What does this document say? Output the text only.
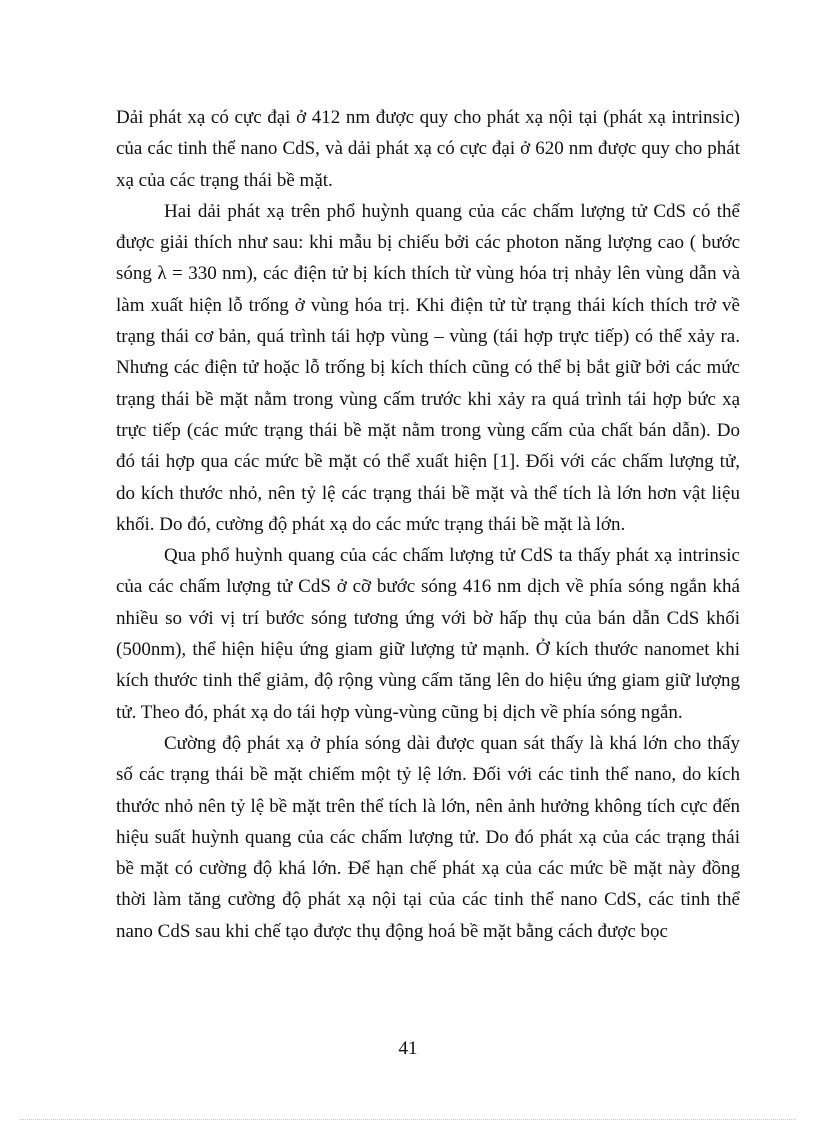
Dải phát xạ có cực đại ở 412 nm được quy cho phát xạ nội tại (phát xạ intrinsic) của các tinh thể nano CdS, và dải phát xạ có cực đại ở 620 nm được quy cho phát xạ của các trạng thái bề mặt.

Hai dải phát xạ trên phổ huỳnh quang của các chấm lượng tử CdS có thể được giải thích như sau: khi mẫu bị chiếu bởi các photon năng lượng cao ( bước sóng λ = 330 nm), các điện tử bị kích thích từ vùng hóa trị nhảy lên vùng dẫn và làm xuất hiện lỗ trống ở vùng hóa trị. Khi điện tử từ trạng thái kích thích trở về trạng thái cơ bản, quá trình tái hợp vùng – vùng (tái hợp trực tiếp) có thể xảy ra. Nhưng các điện tử hoặc lỗ trống bị kích thích cũng có thể bị bắt giữ bởi các mức trạng thái bề mặt nằm trong vùng cấm trước khi xảy ra quá trình tái hợp bức xạ trực tiếp (các mức trạng thái bề mặt nằm trong vùng cấm của chất bán dẫn). Do đó tái hợp qua các mức bề mặt có thể xuất hiện [1]. Đối với các chấm lượng tử, do kích thước nhỏ, nên tỷ lệ các trạng thái bề mặt và thể tích là lớn hơn vật liệu khối. Do đó, cường độ phát xạ do các mức trạng thái bề mặt là lớn.

Qua phổ huỳnh quang của các chấm lượng tử CdS ta thấy phát xạ intrinsic của các chấm lượng tử CdS ở cỡ bước sóng 416 nm dịch về phía sóng ngắn khá nhiều so với vị trí bước sóng tương ứng với bờ hấp thụ của bán dẫn CdS khối (500nm), thể hiện hiệu ứng giam giữ lượng tử mạnh. Ở kích thước nanomet khi kích thước tinh thể giảm, độ rộng vùng cấm tăng lên do hiệu ứng giam giữ lượng tử. Theo đó, phát xạ do tái hợp vùng-vùng cũng bị dịch về phía sóng ngắn.

Cường độ phát xạ ở phía sóng dài được quan sát thấy là khá lớn cho thấy số các trạng thái bề mặt chiếm một tỷ lệ lớn. Đối với các tinh thể nano, do kích thước nhỏ nên tỷ lệ bề mặt trên thể tích là lớn, nên ảnh hưởng không tích cực đến hiệu suất huỳnh quang của các chấm lượng tử. Do đó phát xạ của các trạng thái bề mặt có cường độ khá lớn. Để hạn chế phát xạ của các mức bề mặt này đồng thời làm tăng cường độ phát xạ nội tại của các tinh thể nano CdS, các tinh thể nano CdS sau khi chế tạo được thụ động hoá bề mặt bằng cách được bọc

41
